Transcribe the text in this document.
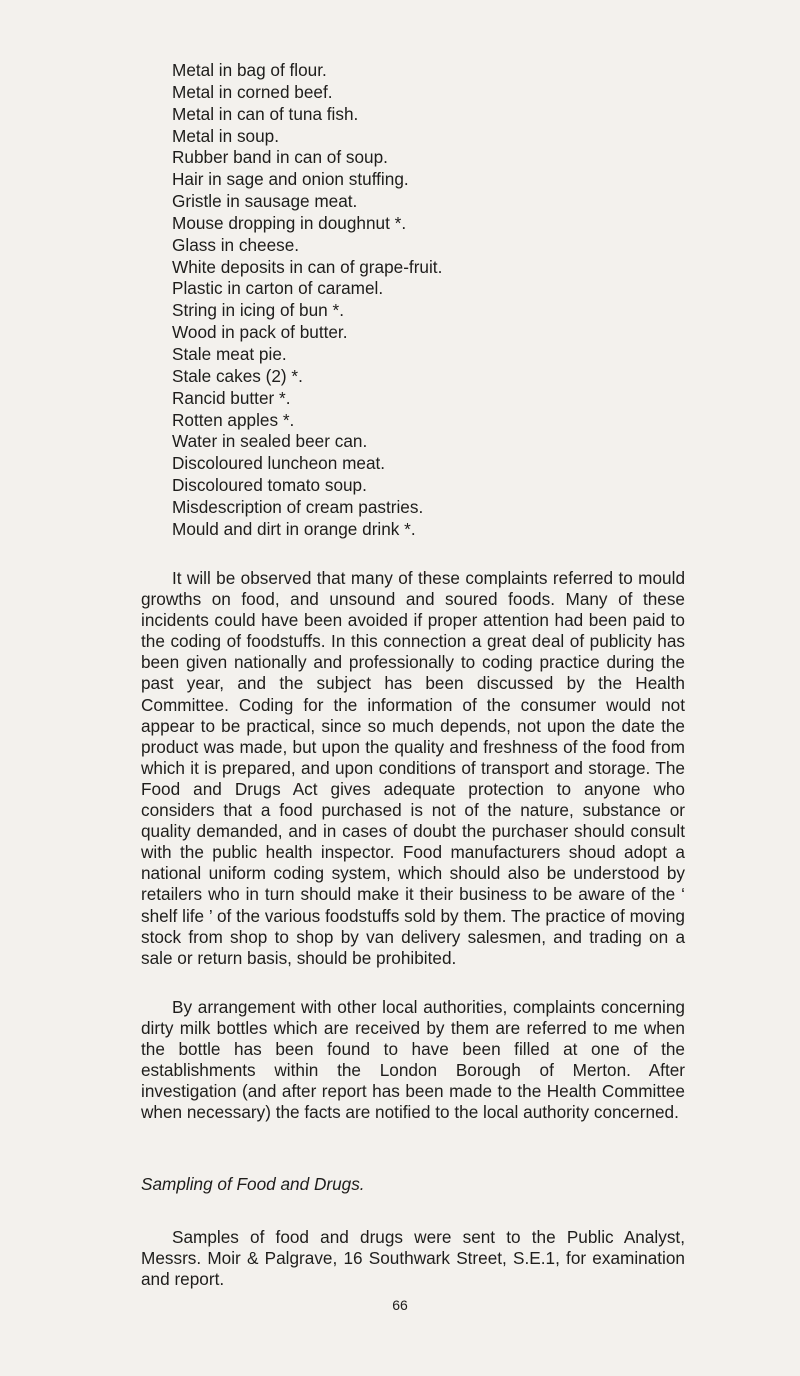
Metal in bag of flour.
Metal in corned beef.
Metal in can of tuna fish.
Metal in soup.
Rubber band in can of soup.
Hair in sage and onion stuffing.
Gristle in sausage meat.
Mouse dropping in doughnut *.
Glass in cheese.
White deposits in can of grape-fruit.
Plastic in carton of caramel.
String in icing of bun *.
Wood in pack of butter.
Stale meat pie.
Stale cakes (2) *.
Rancid butter *.
Rotten apples *.
Water in sealed beer can.
Discoloured luncheon meat.
Discoloured tomato soup.
Misdescription of cream pastries.
Mould and dirt in orange drink *.
It will be observed that many of these complaints referred to mould growths on food, and unsound and soured foods. Many of these incidents could have been avoided if proper attention had been paid to the coding of foodstuffs. In this connection a great deal of publicity has been given nationally and professionally to coding practice during the past year, and the subject has been discussed by the Health Committee. Coding for the information of the consumer would not appear to be practical, since so much depends, not upon the date the product was made, but upon the quality and freshness of the food from which it is prepared, and upon conditions of transport and storage. The Food and Drugs Act gives adequate protection to anyone who considers that a food purchased is not of the nature, substance or quality demanded, and in cases of doubt the purchaser should consult with the public health inspector. Food manufacturers shoud adopt a national uniform coding system, which should also be understood by retailers who in turn should make it their business to be aware of the ‘ shelf life ’ of the various foodstuffs sold by them. The practice of moving stock from shop to shop by van delivery salesmen, and trading on a sale or return basis, should be prohibited.
By arrangement with other local authorities, complaints concerning dirty milk bottles which are received by them are referred to me when the bottle has been found to have been filled at one of the establishments within the London Borough of Merton. After investigation (and after report has been made to the Health Committee when necessary) the facts are notified to the local authority concerned.
Sampling of Food and Drugs.
Samples of food and drugs were sent to the Public Analyst, Messrs. Moir & Palgrave, 16 Southwark Street, S.E.1, for examination and report.
66
